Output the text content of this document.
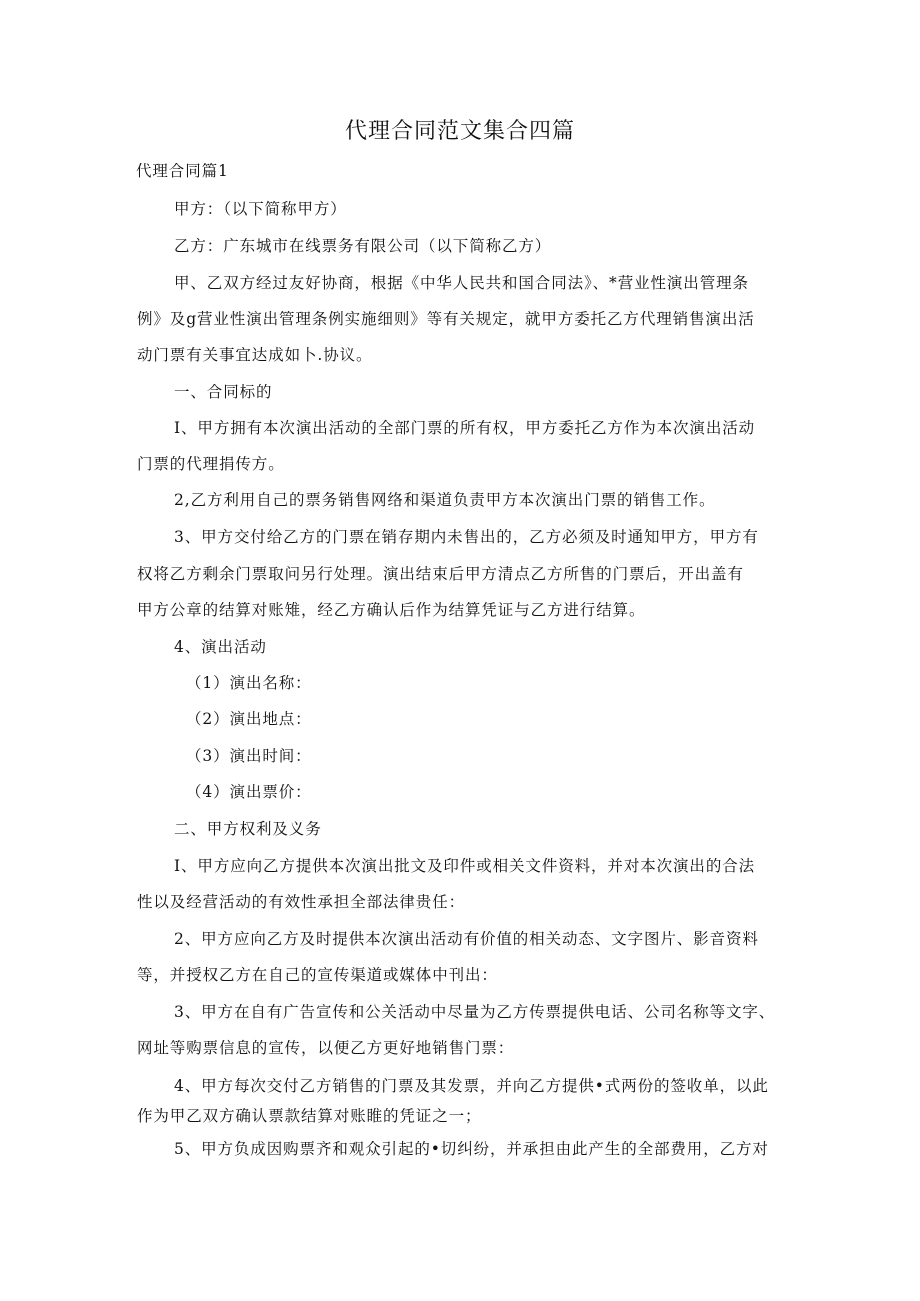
代理合同范文集合四篇
代理合同篇1
甲方：（以下简称甲方）
乙方：广东城市在线票务有限公司（以下简称乙方）
甲、乙双方经过友好协商，根据《中华人民共和国合同法》、*营业性演出管理条
例》及g营业性演出管理条例实施细则》等有关规定，就甲方委托乙方代理销售演出活
动门票有关事宜达成如卜.协议。
一、合同标的
I、甲方拥有本次演出活动的全部门票的所有权，甲方委托乙方作为本次演出活动
门票的代理捐传方。
2,乙方利用自己的票务销售网络和渠道负责甲方本次演出门票的销售工作。
3、甲方交付给乙方的门票在销存期内未售出的，乙方必须及时通知甲方，甲方有
权将乙方剩余门票取问另行处理。演出结束后甲方清点乙方所售的门票后，开出盖有
甲方公章的结算对账雉，经乙方确认后作为结算凭证与乙方进行结算。
4、演出活动
（1）演出名称：
（2）演出地点：
（3）演出时间：
（4）演出票价：
二、甲方权利及义务
I、甲方应向乙方提供本次演出批文及印件或相关文件资料，并对本次演出的合法
性以及经营活动的有效性承担全部法律贵任：
2、甲方应向乙方及时提供本次演出活动有价值的相关动态、文字图片、影音资料
等，并授权乙方在自己的宣传渠道或媒体中刊出：
3、甲方在自有广告宣传和公关活动中尽量为乙方传票提供电话、公司名称等文字、
网址等购票信息的宣传，以便乙方更好地销售门票：
4、甲方每次交付乙方销售的门票及其发票，并向乙方提供•式两份的签收单，以此
作为甲乙双方确认票款结算对账睢的凭证之一；
5、甲方负成因购票齐和观众引起的•切纠纷，并承担由此产生的全部费用，乙方对
